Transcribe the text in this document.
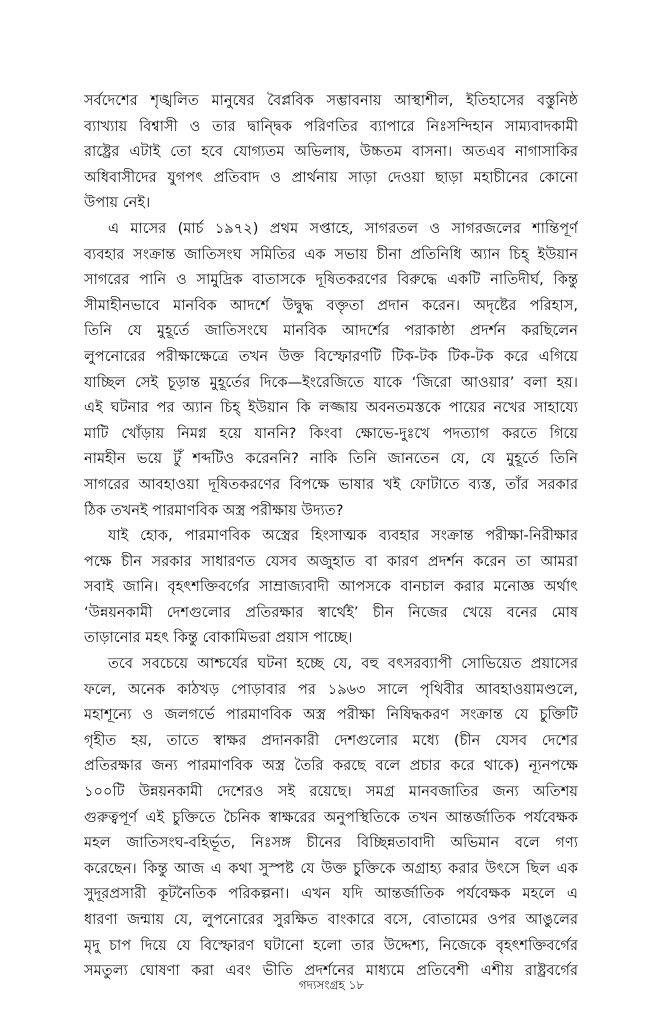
সর্বদেশের শৃঙ্খলিত মানুষের বৈপ্লবিক সম্ভাবনায় আস্থাশীল, ইতিহাসের বস্তুনিষ্ঠ
ব্যাখ্যায় বিশ্বাসী ও তার দ্বান্দ্বিক পরিণতির ব্যাপারে নিঃসন্দিহান সাম্যবাদকামী
রাষ্ট্রের এটাই তো হবে যোগ্যতম অভিলাষ, উচ্চতম বাসনা। অতএব নাগাসাকির
অধিবাসীদের যুগপৎ প্রতিবাদ ও প্রার্থনায় সাড়া দেওয়া ছাড়া মহাচীনের কোনো
উপায় নেই।
এ মাসের (মার্চ ১৯৭২) প্রথম সপ্তাহে, সাগরতল ও সাগরজলের শান্তিপূর্ণ
ব্যবহার সংক্রান্ত জাতিসংঘ সমিতির এক সভায় চীনা প্রতিনিধি অ্যান চিহ্ ইউয়ান
সাগরের পানি ও সামুদ্রিক বাতাসকে দূষিতকরণের বিরুদ্ধে একটি নাতিদীর্ঘ, কিন্তু
সীমাহীনভাবে মানবিক আদর্শে উদ্বুদ্ধ বক্তৃতা প্রদান করেন। অদৃষ্টের পরিহাস,
তিনি যে মুহূর্তে জাতিসংঘে মানবিক আদর্শের পরাকাষ্ঠা প্রদর্শন করছিলেন
লুপনোরের পরীক্ষাক্ষেত্রে তখন উক্ত বিস্ফোরণটি টিক-টক টিক-টক করে এগিয়ে
যাচ্ছিল সেই চূড়ান্ত মুহূর্তের দিকে—ইংরেজিতে যাকে ‘জিরো আওয়ার’ বলা হয়।
এই ঘটনার পর অ্যান চিহ্ ইউয়ান কি লজ্জায় অবনতমস্তকে পায়ের নখের সাহায্যে
মাটি খোঁড়ায় নিমগ্ন হয়ে যাননি? কিংবা ক্ষোভে-দুঃখে পদত্যাগ করতে গিয়ে
নামহীন ভয়ে টুঁ শব্দটিও করেননি? নাকি তিনি জানতেন যে, যে মুহূর্তে তিনি
সাগরের আবহাওয়া দূষিতকরণের বিপক্ষে ভাষার খই ফোটাতে ব্যস্ত, তাঁর সরকার
ঠিক তখনই পারমাণবিক অস্ত্র পরীক্ষায় উদ্যত?
যাই হোক, পারমাণবিক অস্ত্রের হিংসাত্মক ব্যবহার সংক্রান্ত পরীক্ষা-নিরীক্ষার
পক্ষে চীন সরকার সাধারণত যেসব অজুহাত বা কারণ প্রদর্শন করেন তা আমরা
সবাই জানি। বৃহৎশক্তিবর্গের সাম্রাজ্যবাদী আপসকে বানচাল করার মনোজ্ঞ অর্থাৎ
‘উন্নয়নকামী দেশগুলোর প্রতিরক্ষার স্বার্থেই’ চীন নিজের খেয়ে বনের মোষ
তাড়ানোর মহৎ কিন্তু বোকামিভরা প্রয়াস পাচ্ছে।
তবে সবচেয়ে আশ্চর্যের ঘটনা হচ্ছে যে, বহু বৎসরব্যাপী সোভিয়েত প্রয়াসের
ফলে, অনেক কাঠখড় পোড়াবার পর ১৯৬৩ সালে পৃথিবীর আবহাওয়ামণ্ডলে,
মহাশূন্যে ও জলগর্ভে পারমাণবিক অস্ত্র পরীক্ষা নিষিদ্ধকরণ সংক্রান্ত যে চুক্তিটি
গৃহীত হয়, তাতে স্বাক্ষর প্রদানকারী দেশগুলোর মধ্যে (চীন যেসব দেশের
প্রতিরক্ষার জন্য পারমাণবিক অস্ত্র তৈরি করছে বলে প্রচার করে থাকে) ন্যূনপক্ষে
১০০টি উন্নয়নকামী দেশেরও সই রয়েছে। সমগ্র মানবজাতির জন্য অতিশয়
গুরুত্বপূর্ণ এই চুক্তিতে চৈনিক স্বাক্ষরের অনুপস্থিতিকে তখন আন্তর্জাতিক পর্যবেক্ষক
মহল জাতিসংঘ-বহির্ভূত, নিঃসঙ্গ চীনের বিচ্ছিন্নতাবাদী অভিমান বলে গণ্য
করেছেন। কিন্তু আজ এ কথা সুস্পষ্ট যে উক্ত চুক্তিকে অগ্রাহ্য করার উৎসে ছিল এক
সুদূরপ্রসারী কূটনৈতিক পরিকল্পনা। এখন যদি আন্তর্জাতিক পর্যবেক্ষক মহলে এ
ধারণা জন্মায় যে, লুপনোরের সুরক্ষিত বাংকারে বসে, বোতামের ওপর আঙুলের
মৃদু চাপ দিয়ে যে বিস্ফোরণ ঘটানো হলো তার উদ্দেশ্য, নিজেকে বৃহৎশক্তিবর্গের
সমতুল্য ঘোষণা করা এবং ভীতি প্রদর্শনের মাধ্যমে প্রতিবেশী এশীয় রাষ্ট্রবর্গের
গদ্যসংগ্রহ ১৮
